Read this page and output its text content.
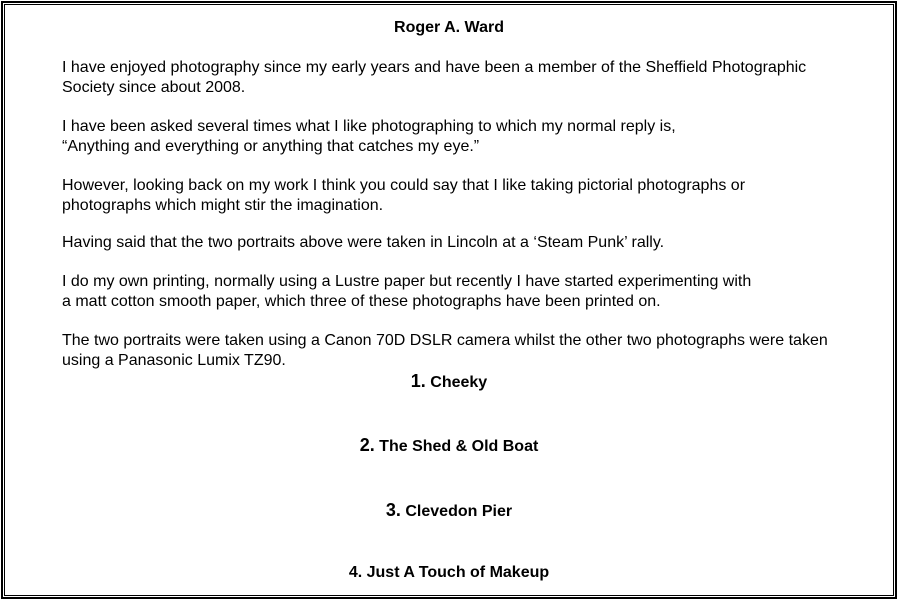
Roger A. Ward

I have enjoyed photography since my early years and have been a member of the Sheffield Photographic
Society since about 2008.

I have been asked several times what I like photographing to which my normal reply is,
“Anything and everything or anything that catches my eye.”

However, looking back on my work I think you could say that I like taking pictorial photographs or
photographs which might stir the imagination.

Having said that the two portraits above were taken in Lincoln at a ‘Steam Punk’ rally.

I do my own printing, normally using a Lustre paper but recently I have started experimenting with
a matt cotton smooth paper, which three of these photographs have been printed on.

The two portraits were taken using a Canon 70D DSLR camera whilst the other two photographs were taken
using a Panasonic Lumix TZ90.

1. Cheeky
2. The Shed & Old Boat
3. Clevedon Pier
4. Just A Touch of Makeup
